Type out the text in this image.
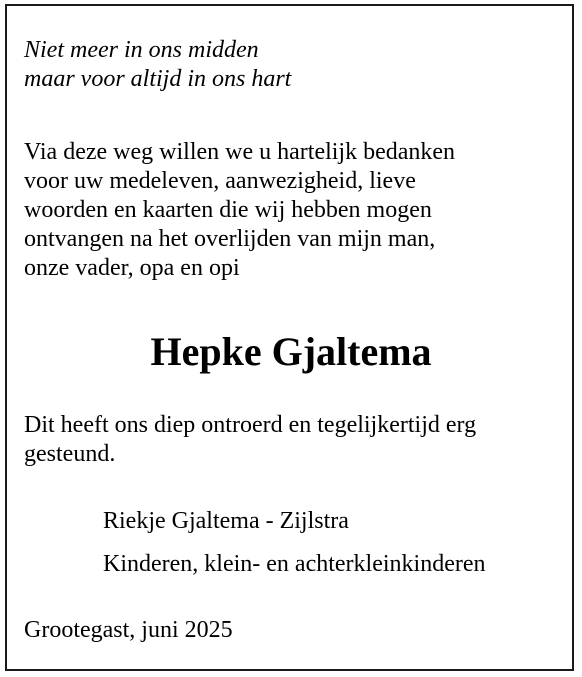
Niet meer in ons midden
maar voor altijd in ons hart
Via deze weg willen we u hartelijk bedanken
voor uw medeleven, aanwezigheid, lieve
woorden en kaarten die wij hebben mogen
ontvangen na het overlijden van mijn man,
onze vader, opa en opi
Hepke Gjaltema
Dit heeft ons diep ontroerd en tegelijkertijd erg
gesteund.
Riekje Gjaltema - Zijlstra
Kinderen, klein- en achterkleinkinderen
Grootegast, juni 2025
